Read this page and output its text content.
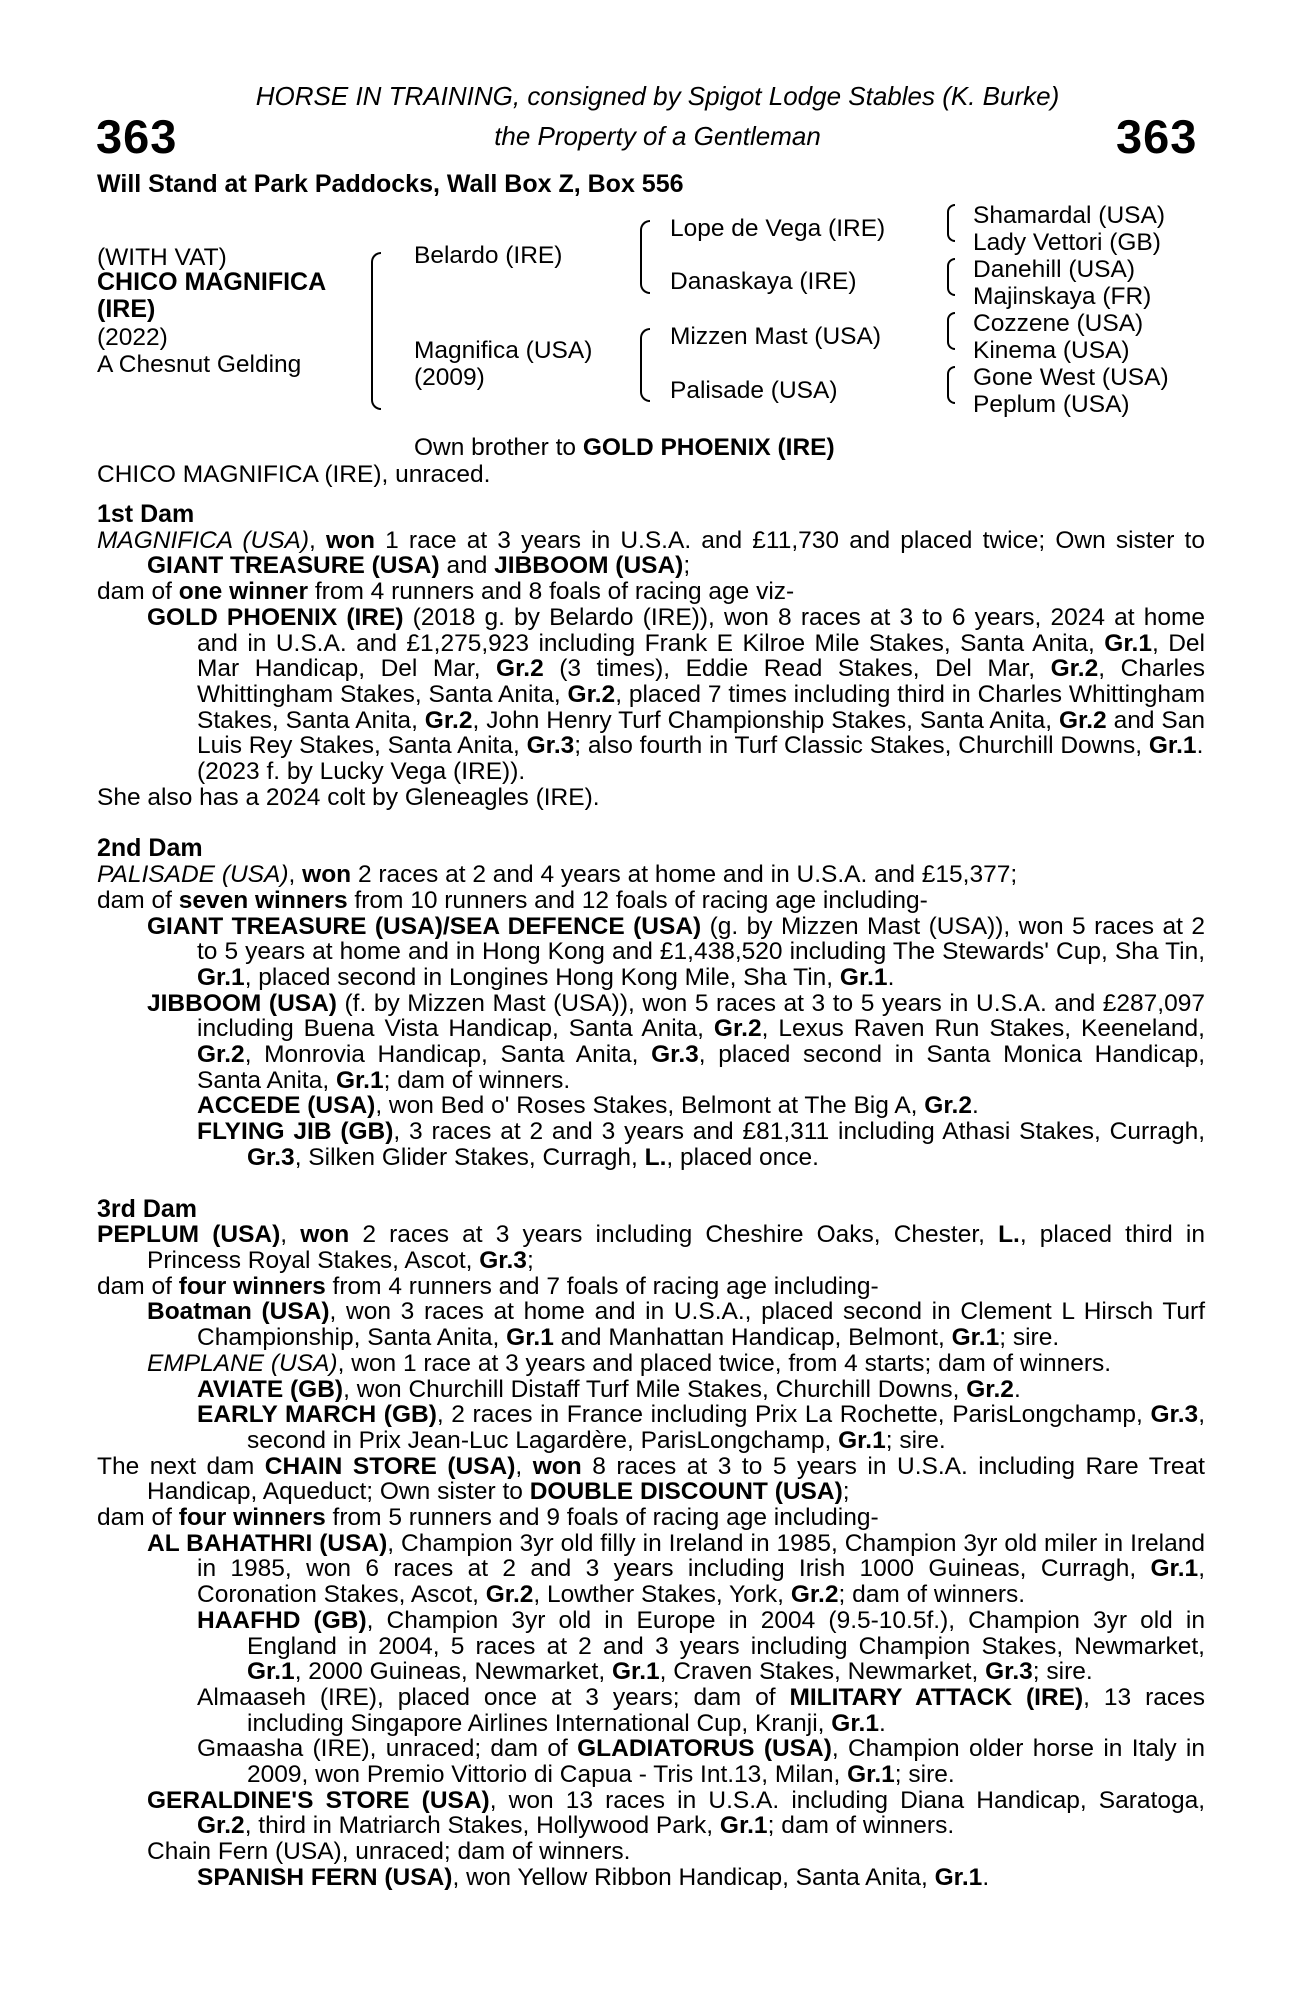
363	363
HORSE IN TRAINING, consigned by Spigot Lodge Stables (K. Burke)
the Property of a Gentleman
Will Stand at Park Paddocks, Wall Box Z, Box 556
(WITH VAT)
CHICO MAGNIFICA
(IRE)
(2022)
A Chesnut Gelding
Belardo (IRE)
Magnifica (USA)
(2009)
Lope de Vega (IRE)
Danaskaya (IRE)
Mizzen Mast (USA)
Palisade (USA)
Shamardal (USA)
Lady Vettori (GB)
Danehill (USA)
Majinskaya (FR)
Cozzene (USA)
Kinema (USA)
Gone West (USA)
Peplum (USA)
Own brother to GOLD PHOENIX (IRE)
CHICO MAGNIFICA (IRE), unraced.

1st Dam

MAGNIFICA (USA), won 1 race at 3 years in U.S.A. and £11,730 and placed twice; Own sister to GIANT TREASURE (USA) and JIBBOOM (USA);

dam of one winner from 4 runners and 8 foals of racing age viz-

GOLD PHOENIX (IRE) (2018 g. by Belardo (IRE)), won 8 races at 3 to 6 years, 2024 at home and in U.S.A. and £1,275,923 including Frank E Kilroe Mile Stakes, Santa Anita, Gr.1, Del Mar Handicap, Del Mar, Gr.2 (3 times), Eddie Read Stakes, Del Mar, Gr.2, Charles Whittingham Stakes, Santa Anita, Gr.2, placed 7 times including third in Charles Whittingham Stakes, Santa Anita, Gr.2, John Henry Turf Championship Stakes, Santa Anita, Gr.2 and San Luis Rey Stakes, Santa Anita, Gr.3; also fourth in Turf Classic Stakes, Churchill Downs, Gr.1.

(2023 f. by Lucky Vega (IRE)).

She also has a 2024 colt by Gleneagles (IRE).

2nd Dam

PALISADE (USA), won 2 races at 2 and 4 years at home and in U.S.A. and £15,377;

dam of seven winners from 10 runners and 12 foals of racing age including-

GIANT TREASURE (USA)/SEA DEFENCE (USA) (g. by Mizzen Mast (USA)), won 5 races at 2 to 5 years at home and in Hong Kong and £1,438,520 including The Stewards' Cup, Sha Tin, Gr.1, placed second in Longines Hong Kong Mile, Sha Tin, Gr.1.

JIBBOOM (USA) (f. by Mizzen Mast (USA)), won 5 races at 3 to 5 years in U.S.A. and £287,097 including Buena Vista Handicap, Santa Anita, Gr.2, Lexus Raven Run Stakes, Keeneland, Gr.2, Monrovia Handicap, Santa Anita, Gr.3, placed second in Santa Monica Handicap, Santa Anita, Gr.1; dam of winners.

ACCEDE (USA), won Bed o' Roses Stakes, Belmont at The Big A, Gr.2.

FLYING JIB (GB), 3 races at 2 and 3 years and £81,311 including Athasi Stakes, Curragh, Gr.3, Silken Glider Stakes, Curragh, L., placed once.

3rd Dam

PEPLUM (USA), won 2 races at 3 years including Cheshire Oaks, Chester, L., placed third in Princess Royal Stakes, Ascot, Gr.3;

dam of four winners from 4 runners and 7 foals of racing age including-

Boatman (USA), won 3 races at home and in U.S.A., placed second in Clement L Hirsch Turf Championship, Santa Anita, Gr.1 and Manhattan Handicap, Belmont, Gr.1; sire.

EMPLANE (USA), won 1 race at 3 years and placed twice, from 4 starts; dam of winners.

AVIATE (GB), won Churchill Distaff Turf Mile Stakes, Churchill Downs, Gr.2.

EARLY MARCH (GB), 2 races in France including Prix La Rochette, ParisLongchamp, Gr.3, second in Prix Jean-Luc Lagardère, ParisLongchamp, Gr.1; sire.

The next dam CHAIN STORE (USA), won 8 races at 3 to 5 years in U.S.A. including Rare Treat Handicap, Aqueduct; Own sister to DOUBLE DISCOUNT (USA);

dam of four winners from 5 runners and 9 foals of racing age including-

AL BAHATHRI (USA), Champion 3yr old filly in Ireland in 1985, Champion 3yr old miler in Ireland in 1985, won 6 races at 2 and 3 years including Irish 1000 Guineas, Curragh, Gr.1, Coronation Stakes, Ascot, Gr.2, Lowther Stakes, York, Gr.2; dam of winners.

HAAFHD (GB), Champion 3yr old in Europe in 2004 (9.5-10.5f.), Champion 3yr old in England in 2004, 5 races at 2 and 3 years including Champion Stakes, Newmarket, Gr.1, 2000 Guineas, Newmarket, Gr.1, Craven Stakes, Newmarket, Gr.3; sire.

Almaaseh (IRE), placed once at 3 years; dam of MILITARY ATTACK (IRE), 13 races including Singapore Airlines International Cup, Kranji, Gr.1.

Gmaasha (IRE), unraced; dam of GLADIATORUS (USA), Champion older horse in Italy in 2009, won Premio Vittorio di Capua - Tris Int.13, Milan, Gr.1; sire.

GERALDINE'S STORE (USA), won 13 races in U.S.A. including Diana Handicap, Saratoga, Gr.2, third in Matriarch Stakes, Hollywood Park, Gr.1; dam of winners.

Chain Fern (USA), unraced; dam of winners.

SPANISH FERN (USA), won Yellow Ribbon Handicap, Santa Anita, Gr.1.
